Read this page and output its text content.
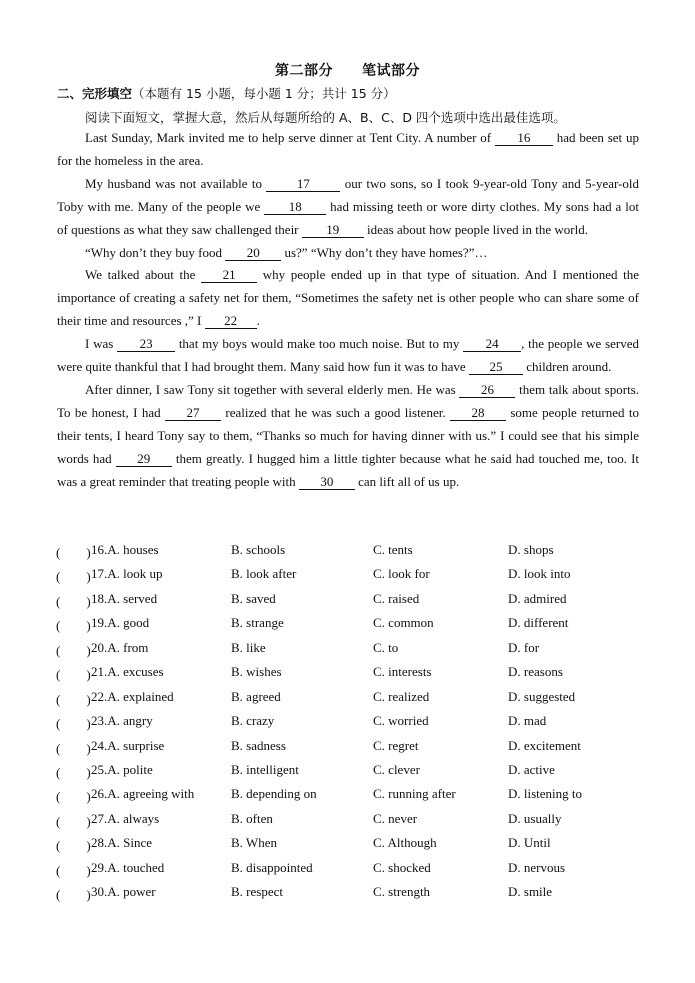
第二部分　　笔试部分
二、完形填空（本题有 15 小题，每小题 1 分；共计 15 分）
阅读下面短文，掌握大意，然后从每题所给的 A、B、C、D 四个选项中选出最佳选项。

Last Sunday, Mark invited me to help serve dinner at Tent City. A number of 16 had been set up for the homeless in the area.

My husband was not available to 17 our two sons, so I took 9-year-old Tony and 5-year-old Toby with me. Many of the people we 18 had missing teeth or wore dirty clothes. My sons had a lot of questions as what they saw challenged their 19 ideas about how people lived in the world.

“Why don’t they buy food 20 us?” “Why don’t they have homes?”…

We talked about the 21 why people ended up in that type of situation. And I mentioned the importance of creating a safety net for them, “Sometimes the safety net is other people who can share some of their time and resources ,” I 22 .

I was 23 that my boys would make too much noise. But to my 24 , the people we served were quite thankful that I had brought them. Many said how fun it was to have 25 children around.

After dinner, I saw Tony sit together with several elderly men. He was 26 them talk about sports. To be honest, I had 27 realized that he was such a good listener. 28 some people returned to their tents, I heard Tony say to them, “Thanks so much for having dinner with us.” I could see that his simple words had 29 them greatly. I hugged him a little tighter because what he said had touched me, too. It was a great reminder that treating people with 30 can lift all of us up.

(　　) 16.A. houses	B. schools	C. tents	D. shops
(　　) 17.A. look up	B. look after	C. look for	D. look into
(　　) 18.A. served	B. saved	C. raised	D. admired
(　　) 19.A. good	B. strange	C. common	D. different
(　　) 20.A. from	B. like	C. to	D. for
(　　) 21.A. excuses	B. wishes	C. interests	D. reasons
(　　) 22.A. explained	B. agreed	C. realized	D. suggested
(　　) 23.A. angry	B. crazy	C. worried	D. mad
(　　) 24.A. surprise	B. sadness	C. regret	D. excitement
(　　) 25.A. polite	B. intelligent	C. clever	D. active
(　　) 26.A. agreeing with	B. depending on	C. running after	D. listening to
(　　) 27.A. always	B. often	C. never	D. usually
(　　) 28.A. Since	B. When	C. Although	D. Until
(　　) 29.A. touched	B. disappointed	C. shocked	D. nervous
(　　) 30.A. power	B. respect	C. strength	D. smile
